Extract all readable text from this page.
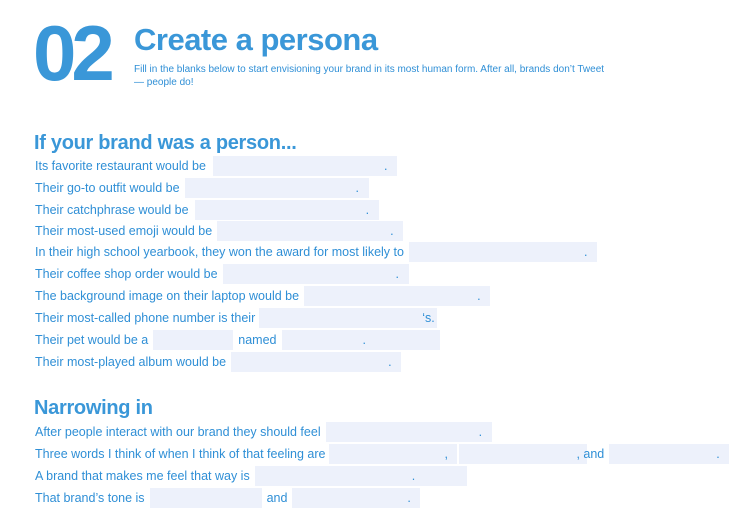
02 Create a persona
Fill in the blanks below to start envisioning your brand in its most human form. After all, brands don’t Tweet — people do!
If your brand was a person...
Its favorite restaurant would be	.
Their go-to outfit would be	.
Their catchphrase would be	.
Their most-used emoji would be	.
In their high school yearbook, they won the award for most likely to	.
Their coffee shop order would be	.
The background image on their laptop would be	.
Their most-called phone number is their	‘s.
Their pet would be a	named	.
Their most-played album would be	.
Narrowing in
After people interact with our brand they should feel	.
Three words I think of when I think of that feeling are	,	, and	.
A brand that makes me feel that way is	.
That brand’s tone is	and	.
